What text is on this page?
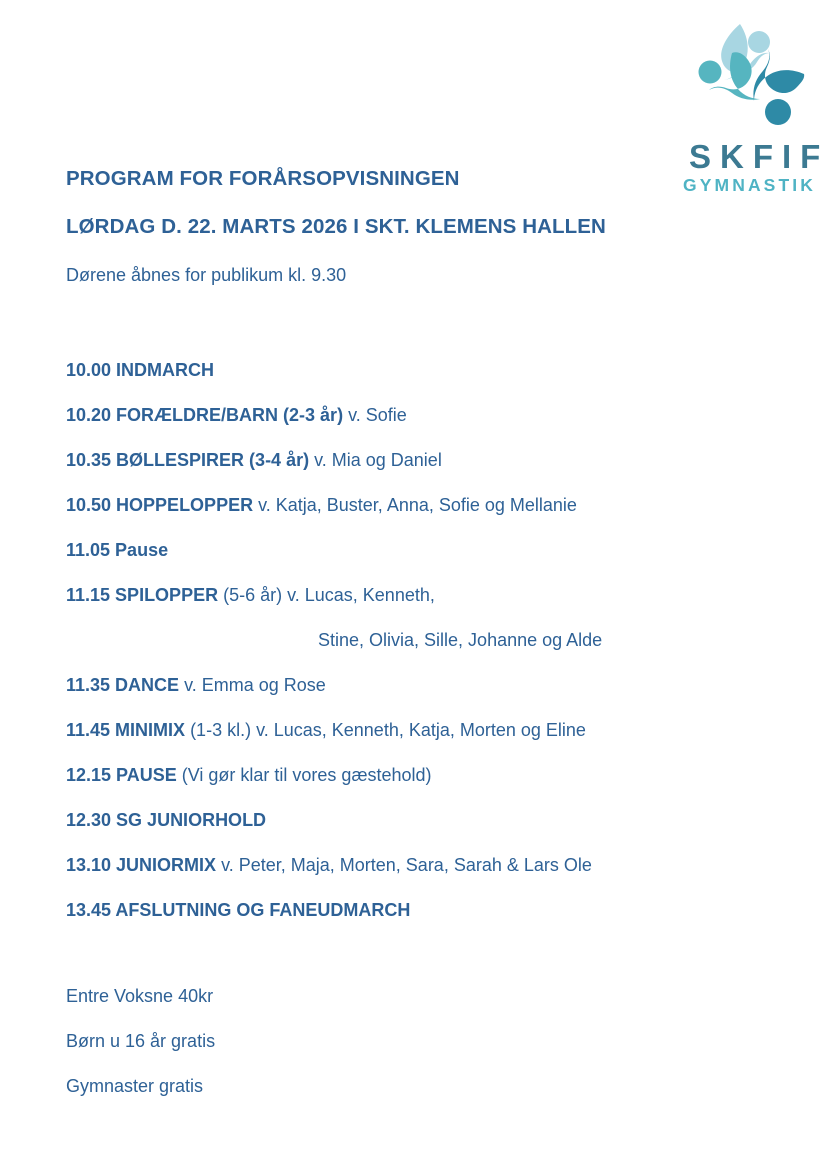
SKFIF
GYMNASTIK
PROGRAM FOR FORÅRSOPVISNINGEN
LØRDAG D. 22. MARTS 2026 I SKT. KLEMENS HALLEN

Dørene åbnes for publikum kl. 9.30

10.00 INDMARCH
10.20 FORÆLDRE/BARN (2-3 år) v. Sofie
10.35 BØLLESPIRER (3-4 år) v. Mia og Daniel
10.50 HOPPELOPPER v. Katja, Buster, Anna, Sofie og Mellanie
11.05 Pause
11.15 SPILOPPER (5-6 år) v. Lucas, Kenneth,
Stine, Olivia, Sille, Johanne og Alde
11.35 DANCE v. Emma og Rose
11.45 MINIMIX (1-3 kl.) v. Lucas, Kenneth, Katja, Morten og Eline
12.15 PAUSE (Vi gør klar til vores gæstehold)
12.30 SG JUNIORHOLD
13.10 JUNIORMIX v. Peter, Maja, Morten, Sara, Sarah & Lars Ole
13.45 AFSLUTNING OG FANEUDMARCH
Entre Voksne 40kr
Børn u 16 år gratis
Gymnaster gratis
